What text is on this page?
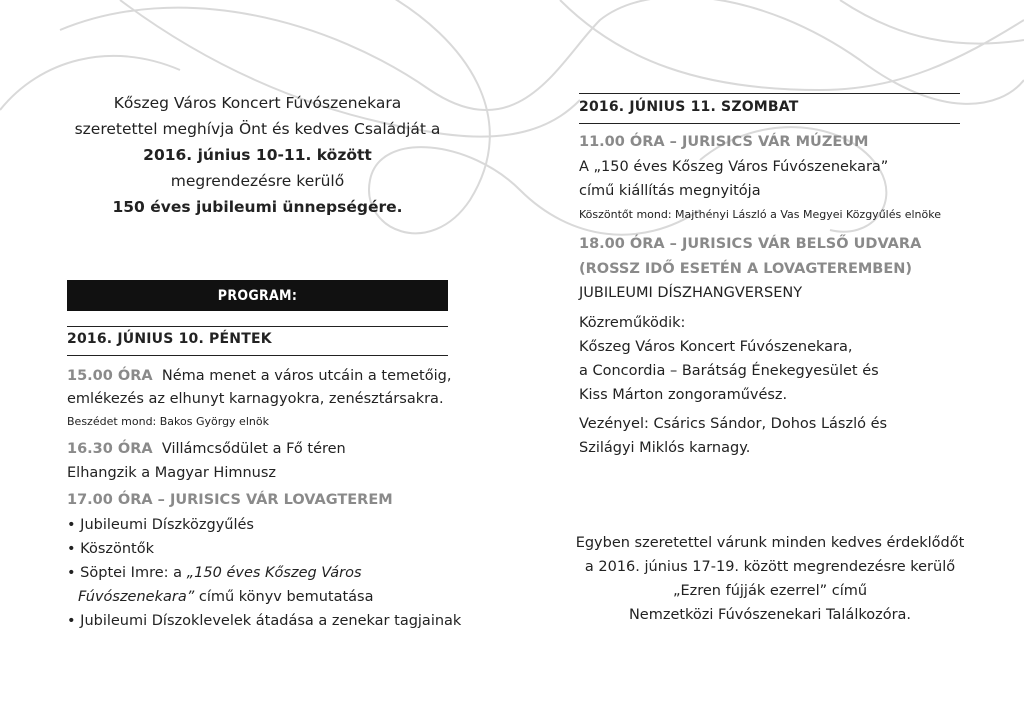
Kőszeg Város Koncert Fúvószenekara
szeretettel meghívja Önt és kedves Családját a
2016. június 10-11. között
megrendezésre kerülő
150 éves jubileumi ünnepségére.
PROGRAM:
2016. JÚNIUS 10. PÉNTEK
15.00 ÓRA Néma menet a város utcáin a temetőig,
emlékezés az elhunyt karnagyokra, zenésztársakra.
Beszédet mond: Bakos György elnök
16.30 ÓRA Villámcsődület a Fő téren
Elhangzik a Magyar Himnusz
17.00 ÓRA – JURISICS VÁR LOVAGTEREM
• Jubileumi Díszközgyűlés
• Köszöntők
• Söptei Imre: a „150 éves Kőszeg Város
Fúvószenekara” című könyv bemutatása
• Jubileumi Díszoklevelek átadása a zenekar tagjainak
2016. JÚNIUS 11. SZOMBAT
11.00 ÓRA – JURISICS VÁR MÚZEUM
A „150 éves Kőszeg Város Fúvószenekara”
című kiállítás megnyitója
Köszöntőt mond: Majthényi László a Vas Megyei Közgyűlés elnöke
18.00 ÓRA – JURISICS VÁR BELSŐ UDVARA
(ROSSZ IDŐ ESETÉN A LOVAGTEREMBEN)
JUBILEUMI DÍSZHANGVERSENY
Közreműködik:
Kőszeg Város Koncert Fúvószenekara,
a Concordia – Barátság Énekegyesület és
Kiss Márton zongoraművész.
Vezényel: Csárics Sándor, Dohos László és
Szilágyi Miklós karnagy.
Egyben szeretettel várunk minden kedves érdeklődőt
a 2016. június 17-19. között megrendezésre kerülő
„Ezren fújják ezerrel” című
Nemzetközi Fúvószenekari Találkozóra.
